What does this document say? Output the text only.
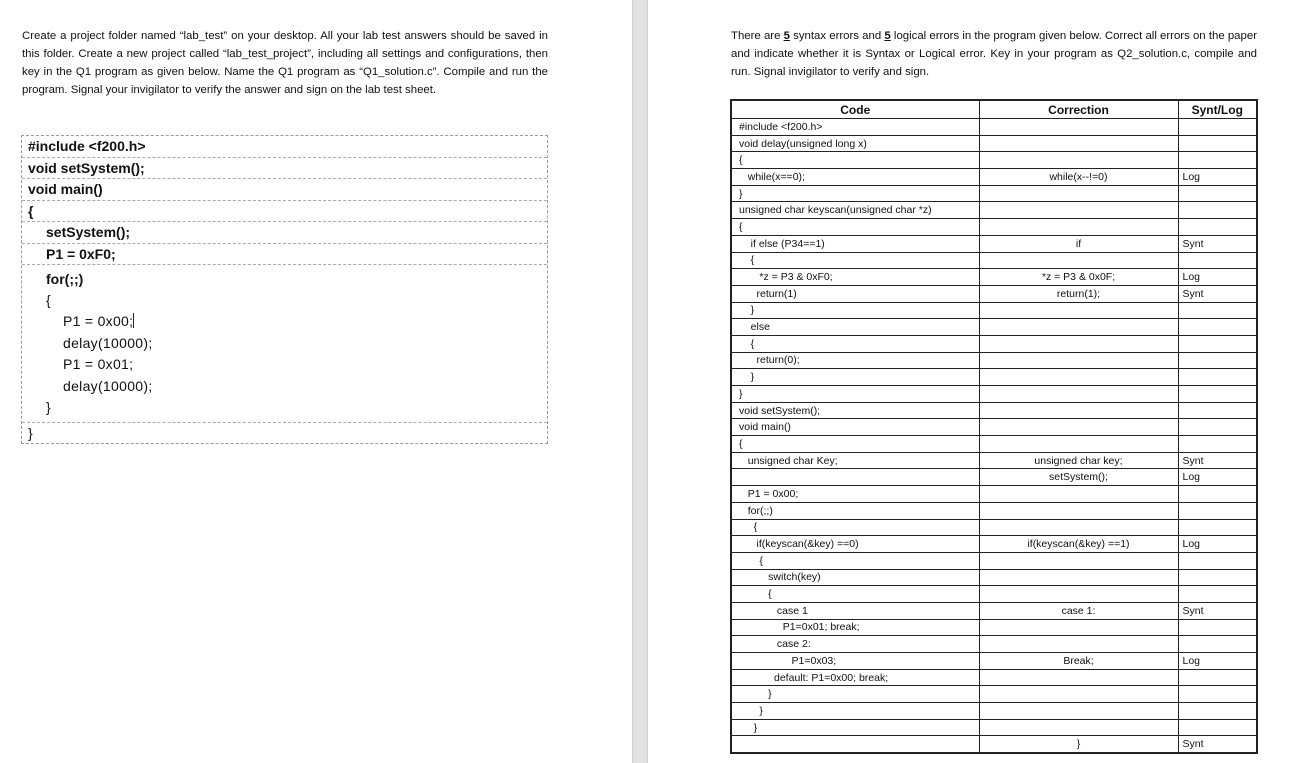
Create a project folder named “lab_test” on your desktop. All your lab test answers should be saved in this folder. Create a new project called “lab_test_project”, including all settings and configurations, then key in the Q1 program as given below. Name the Q1 program as “Q1_solution.c”. Compile and run the program. Signal your invigilator to verify the answer and sign on the lab test sheet.
#include <f200.h>
void setSystem();
void main()
{
setSystem();
P1 = 0xF0;
for(;;)
{
P1 = 0x00;
delay(10000);
P1 = 0x01;
delay(10000);
}
}
There are 5 syntax errors and 5 logical errors in the program given below. Correct all errors on the paper and indicate whether it is Syntax or Logical error. Key in your program as Q2_solution.c, compile and run. Signal invigilator to verify and sign.
Code	Correction	Synt/Log
#include <f200.h>		
void delay(unsigned long x)		
{		
while(x==0);	while(x--!=0)	Log
}		
unsigned char keyscan(unsigned char *z)		
{		
if else (P34==1)	if	Synt
{		
*z = P3 & 0xF0;	*z = P3 & 0x0F;	Log
return(1)	return(1);	Synt
}		
else		
{		
return(0);		
}		
}		
void setSystem();		
void main()		
{		
unsigned char Key;	unsigned char key;	Synt
	setSystem();	Log
P1 = 0x00;		
for(;;)		
{		
if(keyscan(&key) ==0)	if(keyscan(&key) ==1)	Log
{		
switch(key)		
{		
case 1	case 1:	Synt
P1=0x01; break;		
case 2:		
P1=0x03;	Break;	Log
default: P1=0x00; break;		
}		
}		
}		
	}	Synt
